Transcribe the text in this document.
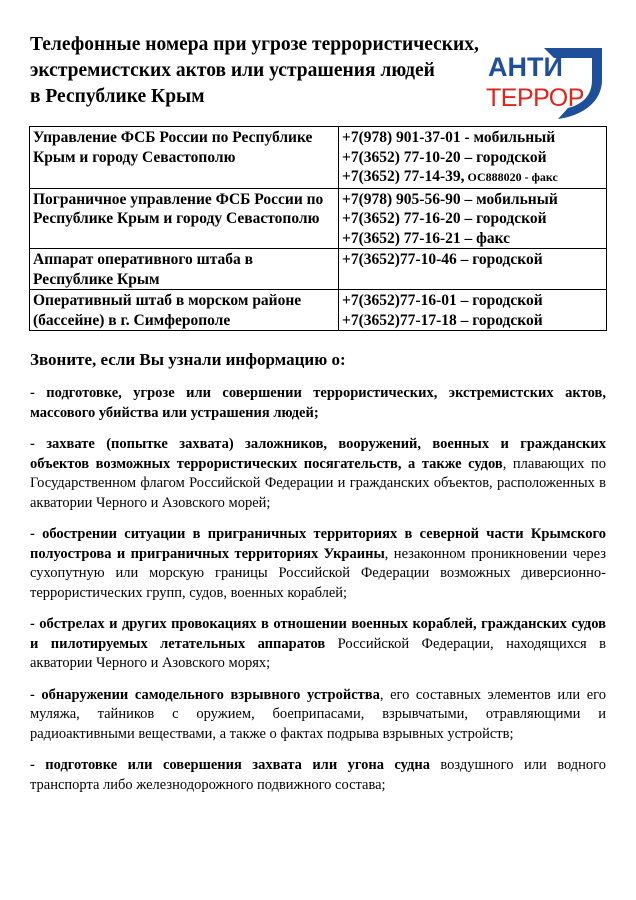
Телефонные номера при угрозе террористических,
экстремистских актов или устрашения людей
в Республике Крым
АНТИ
ТЕРРОР
Управление ФСБ России по Республике Крым и городу Севастополю	+7(978) 901-37-01 - мобильный
+7(3652) 77-10-20 – городской
+7(3652) 77-14-39, ОС888020 - факс

Пограничное управление ФСБ России по Республике Крым и городу Севастополю	+7(978) 905-56-90 – мобильный
+7(3652) 77-16-20 – городской
+7(3652) 77-16-21 – факс

Аппарат оперативного штаба в Республике Крым	+7(3652)77-10-46 – городской

Оперативный штаб в морском районе (бассейне) в г. Симферополе	+7(3652)77-16-01 – городской
+7(3652)77-17-18 – городской
Звоните, если Вы узнали информацию о:

- подготовке, угрозе или совершении террористических, экстремистских актов, массового убийства или устрашения людей;

- захвате (попытке захвата) заложников, вооружений, военных и гражданских объектов возможных террористических посягательств, а также судов, плавающих по Государственном флагом Российской Федерации и гражданских объектов, расположенных в акватории Черного и Азовского морей;

- обострении ситуации в приграничных территориях в северной части Крымского полуострова и приграничных территориях Украины, незаконном проникновении через сухопутную или морскую границы Российской Федерации возможных диверсионно-террористических групп, судов, военных кораблей;

- обстрелах и других провокациях в отношении военных кораблей, гражданских судов и пилотируемых летательных аппаратов Российской Федерации, находящихся в акватории Черного и Азовского морях;

- обнаружении самодельного взрывного устройства, его составных элементов или его муляжа, тайников с оружием, боеприпасами, взрывчатыми, отравляющими и радиоактивными веществами, а также о фактах подрыва взрывных устройств;

- подготовке или совершения захвата или угона судна воздушного или водного транспорта либо железнодорожного подвижного состава;
